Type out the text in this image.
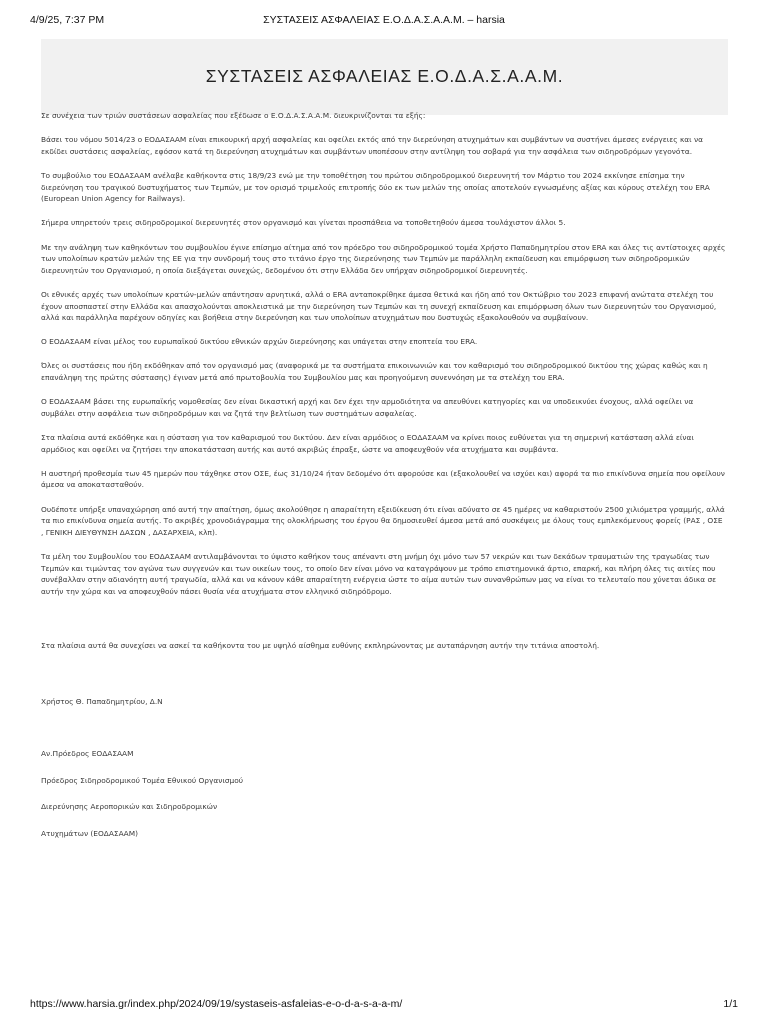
4/9/25, 7:37 PM	ΣΥΣΤΑΣΕΙΣ ΑΣΦΑΛΕΙΑΣ Ε.Ο.Δ.Α.Σ.Α.Α.Μ. – harsia
ΣΥΣΤΑΣΕΙΣ ΑΣΦΑΛΕΙΑΣ Ε.Ο.Δ.Α.Σ.Α.Α.Μ.

Σε συνέχεια των τριών συστάσεων ασφαλείας που εξέδωσε ο Ε.Ο.Δ.Α.Σ.Α.Α.Μ. διευκρινίζονται τα εξής:

Βάσει του νόμου 5014/23 ο ΕΟΔΑΣΑΑΜ είναι επικουρική αρχή ασφαλείας και οφείλει εκτός από την διερεύνηση ατυχημάτων και συμβάντων να συστήνει άμεσες ενέργειες και να εκδίδει συστάσεις ασφαλείας, εφόσον κατά τη διερεύνηση ατυχημάτων και συμβάντων υποπέσουν στην αντίληψη του σοβαρά για την ασφάλεια των σιδηροδρόμων γεγονότα.

Το συμβούλιο του ΕΟΔΑΣΑΑΜ ανέλαβε καθήκοντα στις 18/9/23 ενώ με την τοποθέτηση του πρώτου σιδηροδρομικού διερευνητή τον Μάρτιο του 2024 εκκίνησε επίσημα την διερεύνηση του τραγικού δυστυχήματος των Τεμπών, με τον ορισμό τριμελούς επιτροπής δύο εκ των μελών της οποίας αποτελούν εγνωσμένης αξίας και κύρους στελέχη του ERA (European Union Agency for Railways).

Σήμερα υπηρετούν τρεις σιδηροδρομικοί διερευνητές στον οργανισμό και γίνεται προσπάθεια να τοποθετηθούν άμεσα τουλάχιστον άλλοι 5.

Με την ανάληψη των καθηκόντων του συμβουλίου έγινε επίσημο αίτημα από τον πρόεδρο του σιδηροδρομικού τομέα Χρήστο Παπαδημητρίου στον ERA και όλες τις αντίστοιχες αρχές των υπολοίπων κρατών μελών της ΕΕ για την συνδρομή τους στο τιτάνιο έργο της διερεύνησης των Τεμπών με παράλληλη εκπαίδευση και επιμόρφωση των σιδηροδρομικών διερευνητών του Οργανισμού, η οποία διεξάγεται συνεχώς, δεδομένου ότι στην Ελλάδα δεν υπήρχαν σιδηροδρομικοί διερευνητές.

Οι εθνικές αρχές των υπολοίπων κρατών-μελών απάντησαν αρνητικά, αλλά ο ERA ανταποκρίθηκε άμεσα θετικά και ήδη από τον Οκτώβριο του 2023 επιφανή ανώτατα στελέχη του έχουν αποσπαστεί στην Ελλάδα και απασχολούνται αποκλειστικά με την διερεύνηση των Τεμπών και τη συνεχή εκπαίδευση και επιμόρφωση όλων των διερευνητών του Οργανισμού, αλλά και παράλληλα παρέχουν οδηγίες και βοήθεια στην διερεύνηση και των υπολοίπων ατυχημάτων που δυστυχώς εξακολουθούν να συμβαίνουν.

Ο ΕΟΔΑΣΑΑΜ είναι μέλος του ευρωπαϊκού δικτύου εθνικών αρχών διερεύνησης και υπάγεται στην εποπτεία του ERA.

Όλες οι συστάσεις που ήδη εκδόθηκαν από τον οργανισμό μας (αναφορικά με τα συστήματα επικοινωνιών και τον καθαρισμό του σιδηροδρομικού δικτύου της χώρας καθώς και η επανάληψη της πρώτης σύστασης) έγιναν μετά από πρωτοβουλία του Συμβουλίου μας και προηγούμενη συνεννόηση με τα στελέχη του ERA.

Ο ΕΟΔΑΣΑΑΜ βάσει της ευρωπαϊκής νομοθεσίας δεν είναι δικαστική αρχή και δεν έχει την αρμοδιότητα να απευθύνει κατηγορίες και να υποδεικνύει ένοχους, αλλά οφείλει να συμβάλει στην ασφάλεια των σιδηροδρόμων και να ζητά την βελτίωση των συστημάτων ασφαλείας.

Στα πλαίσια αυτά εκδόθηκε και η σύσταση για τον καθαρισμού του δικτύου. Δεν είναι αρμόδιος ο ΕΟΔΑΣΑΑΜ να κρίνει ποιος ευθύνεται για τη σημερινή κατάσταση αλλά είναι αρμόδιος και οφείλει να ζητήσει την αποκατάσταση αυτής και αυτό ακριβώς έπραξε, ώστε να αποφευχθούν νέα ατυχήματα και συμβάντα.

Η αυστηρή προθεσμία των 45 ημερών που τάχθηκε στον ΟΣΕ, έως 31/10/24 ήταν δεδομένο ότι αφορούσε και (εξακολουθεί να ισχύει και) αφορά τα πιο επικίνδυνα σημεία που οφείλουν άμεσα να αποκατασταθούν.

Ουδέποτε υπήρξε υπαναχώρηση από αυτή την απαίτηση, όμως ακολούθησε η απαραίτητη εξειδίκευση ότι είναι αδύνατο σε 45 ημέρες να καθαριστούν 2500 χιλιόμετρα γραμμής, αλλά τα πιο επικίνδυνα σημεία αυτής. Το ακριβές χρονοδιάγραμμα της ολοκλήρωσης του έργου θα δημοσιευθεί άμεσα μετά από συσκέψεις με όλους τους εμπλεκόμενους φορείς (ΡΑΣ , ΟΣΕ , ΓΕΝΙΚΗ ΔΙΕΥΘΥΝΣΗ ΔΑΣΩΝ , ΔΑΣΑΡΧΕΙΑ, κλπ).

Τα μέλη του Συμβουλίου του ΕΟΔΑΣΑΑΜ αντιλαμβάνονται το ύψιστο καθήκον τους απέναντι στη μνήμη όχι μόνο των 57 νεκρών και των δεκάδων τραυματιών της τραγωδίας των Τεμπών και τιμώντας τον αγώνα των συγγενών και των οικείων τους, το οποίο δεν είναι μόνο να καταγράψουν με τρόπο επιστημονικά άρτιο, επαρκή, και πλήρη όλες τις αιτίες που συνέβαλλαν στην αδιανόητη αυτή τραγωδία, αλλά και να κάνουν κάθε απαραίτητη ενέργεια ώστε το αίμα αυτών των συνανθρώπων μας να είναι το τελευταίο που χύνεται άδικα σε αυτήν την χώρα και να αποφευχθούν πάσει θυσία νέα ατυχήματα στον ελληνικό σιδηρόδρομο.

Στα πλαίσια αυτά θα συνεχίσει να ασκεί τα καθήκοντα του με υψηλό αίσθημα ευθύνης εκπληρώνοντας με αυταπάρνηση αυτήν την τιτάνια αποστολή.

Χρήστος Θ. Παπαδημητρίου, Δ.Ν

Αν.Πρόεδρος ΕΟΔΑΣΑΑΜ

Πρόεδρος Σιδηροδρομικού Τομέα Εθνικού Οργανισμού

Διερεύνησης Αεροπορικών και Σιδηροδρομικών

Ατυχημάτων (ΕΟΔΑΣΑΑΜ)

https://www.harsia.gr/index.php/2024/09/19/systaseis-asfaleias-e-o-d-a-s-a-a-m/	1/1
